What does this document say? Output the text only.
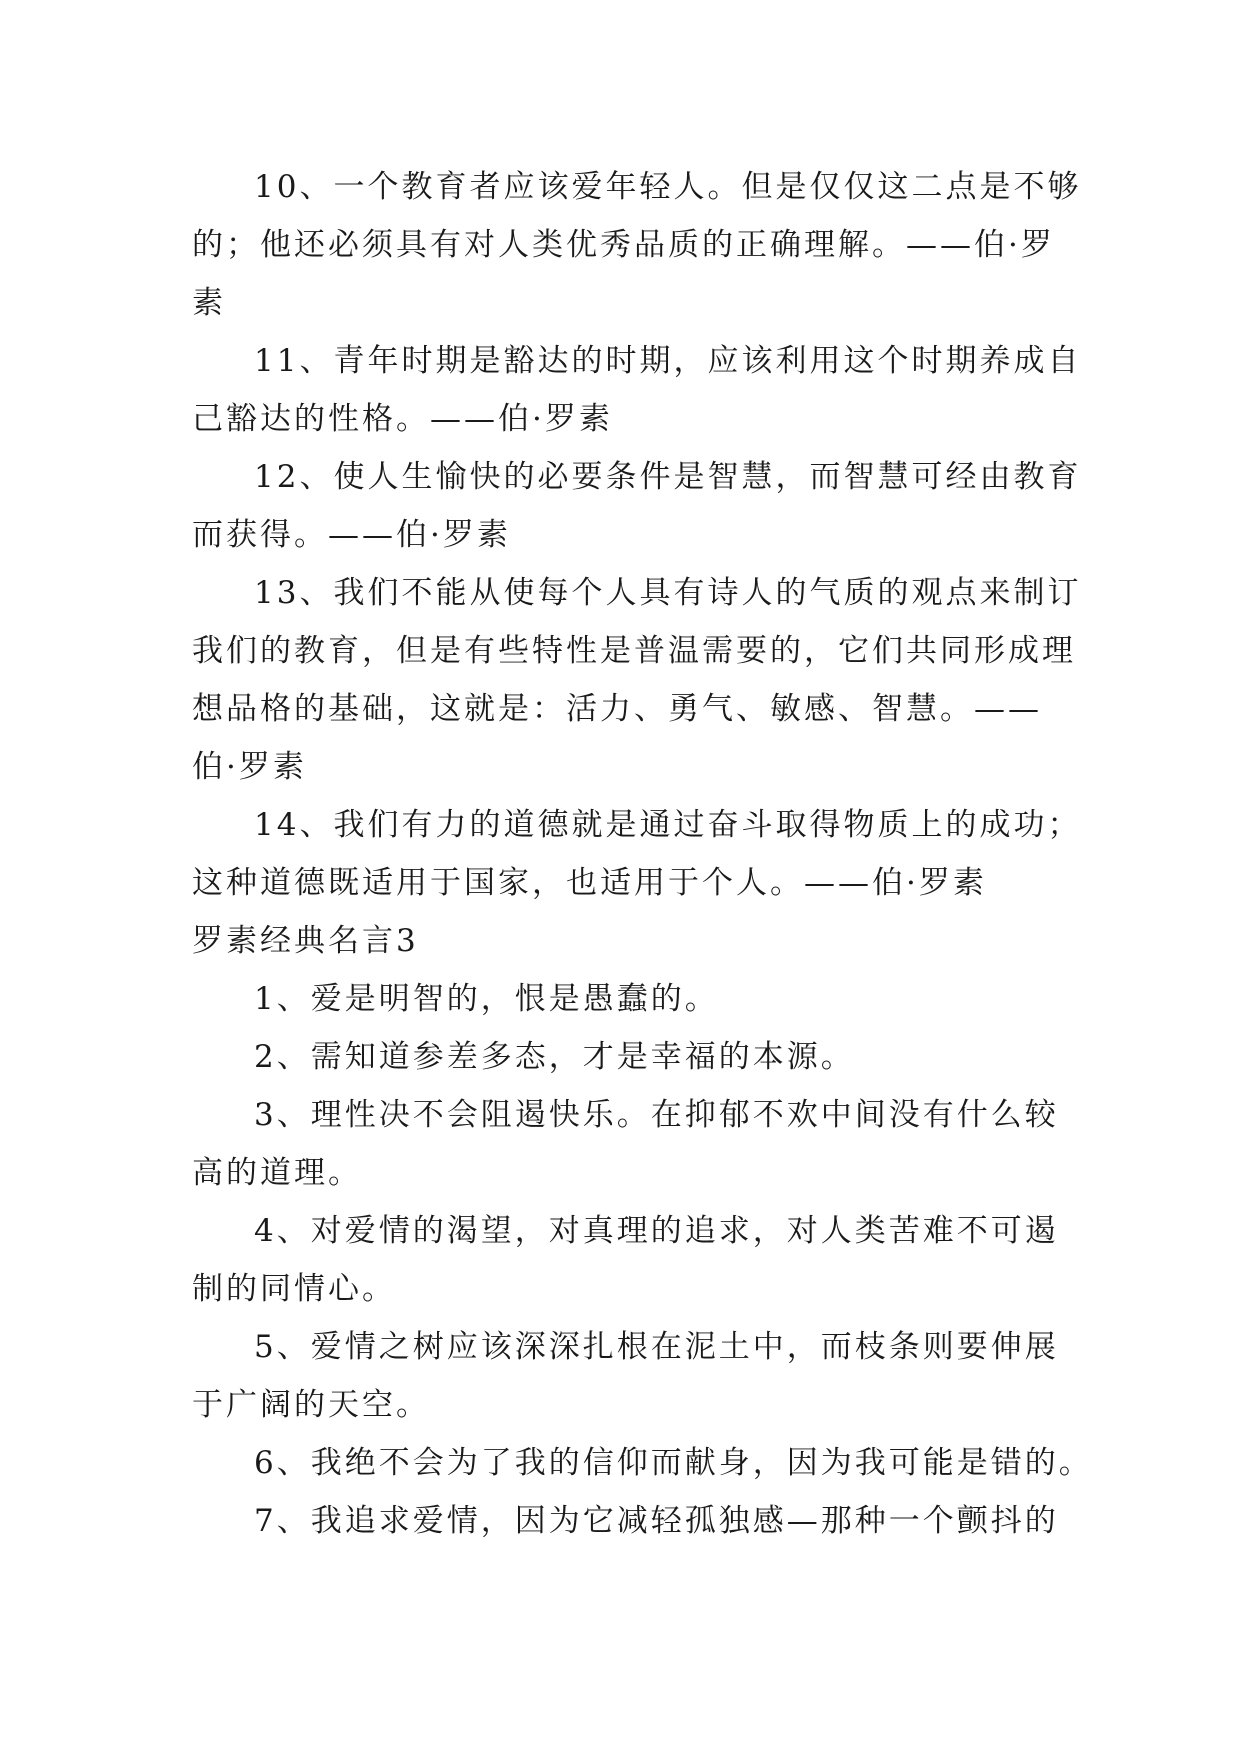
10、一个教育者应该爱年轻人。但是仅仅这二点是不够
的；他还必须具有对人类优秀品质的正确理解。——伯·罗
素
11、青年时期是豁达的时期，应该利用这个时期养成自
己豁达的性格。——伯·罗素
12、使人生愉快的必要条件是智慧，而智慧可经由教育
而获得。——伯·罗素
13、我们不能从使每个人具有诗人的气质的观点来制订
我们的教育，但是有些特性是普温需要的，它们共同形成理
想品格的基础，这就是：活力、勇气、敏感、智慧。——
伯·罗素
14、我们有力的道德就是通过奋斗取得物质上的成功；
这种道德既适用于国家，也适用于个人。——伯·罗素
罗素经典名言3
1、爱是明智的，恨是愚蠢的。
2、需知道参差多态，才是幸福的本源。
3、理性决不会阻遏快乐。在抑郁不欢中间没有什么较
高的道理。
4、对爱情的渴望，对真理的追求，对人类苦难不可遏
制的同情心。
5、爱情之树应该深深扎根在泥土中，而枝条则要伸展
于广阔的天空。
6、我绝不会为了我的信仰而献身，因为我可能是错的。
7、我追求爱情，因为它减轻孤独感—那种一个颤抖的
